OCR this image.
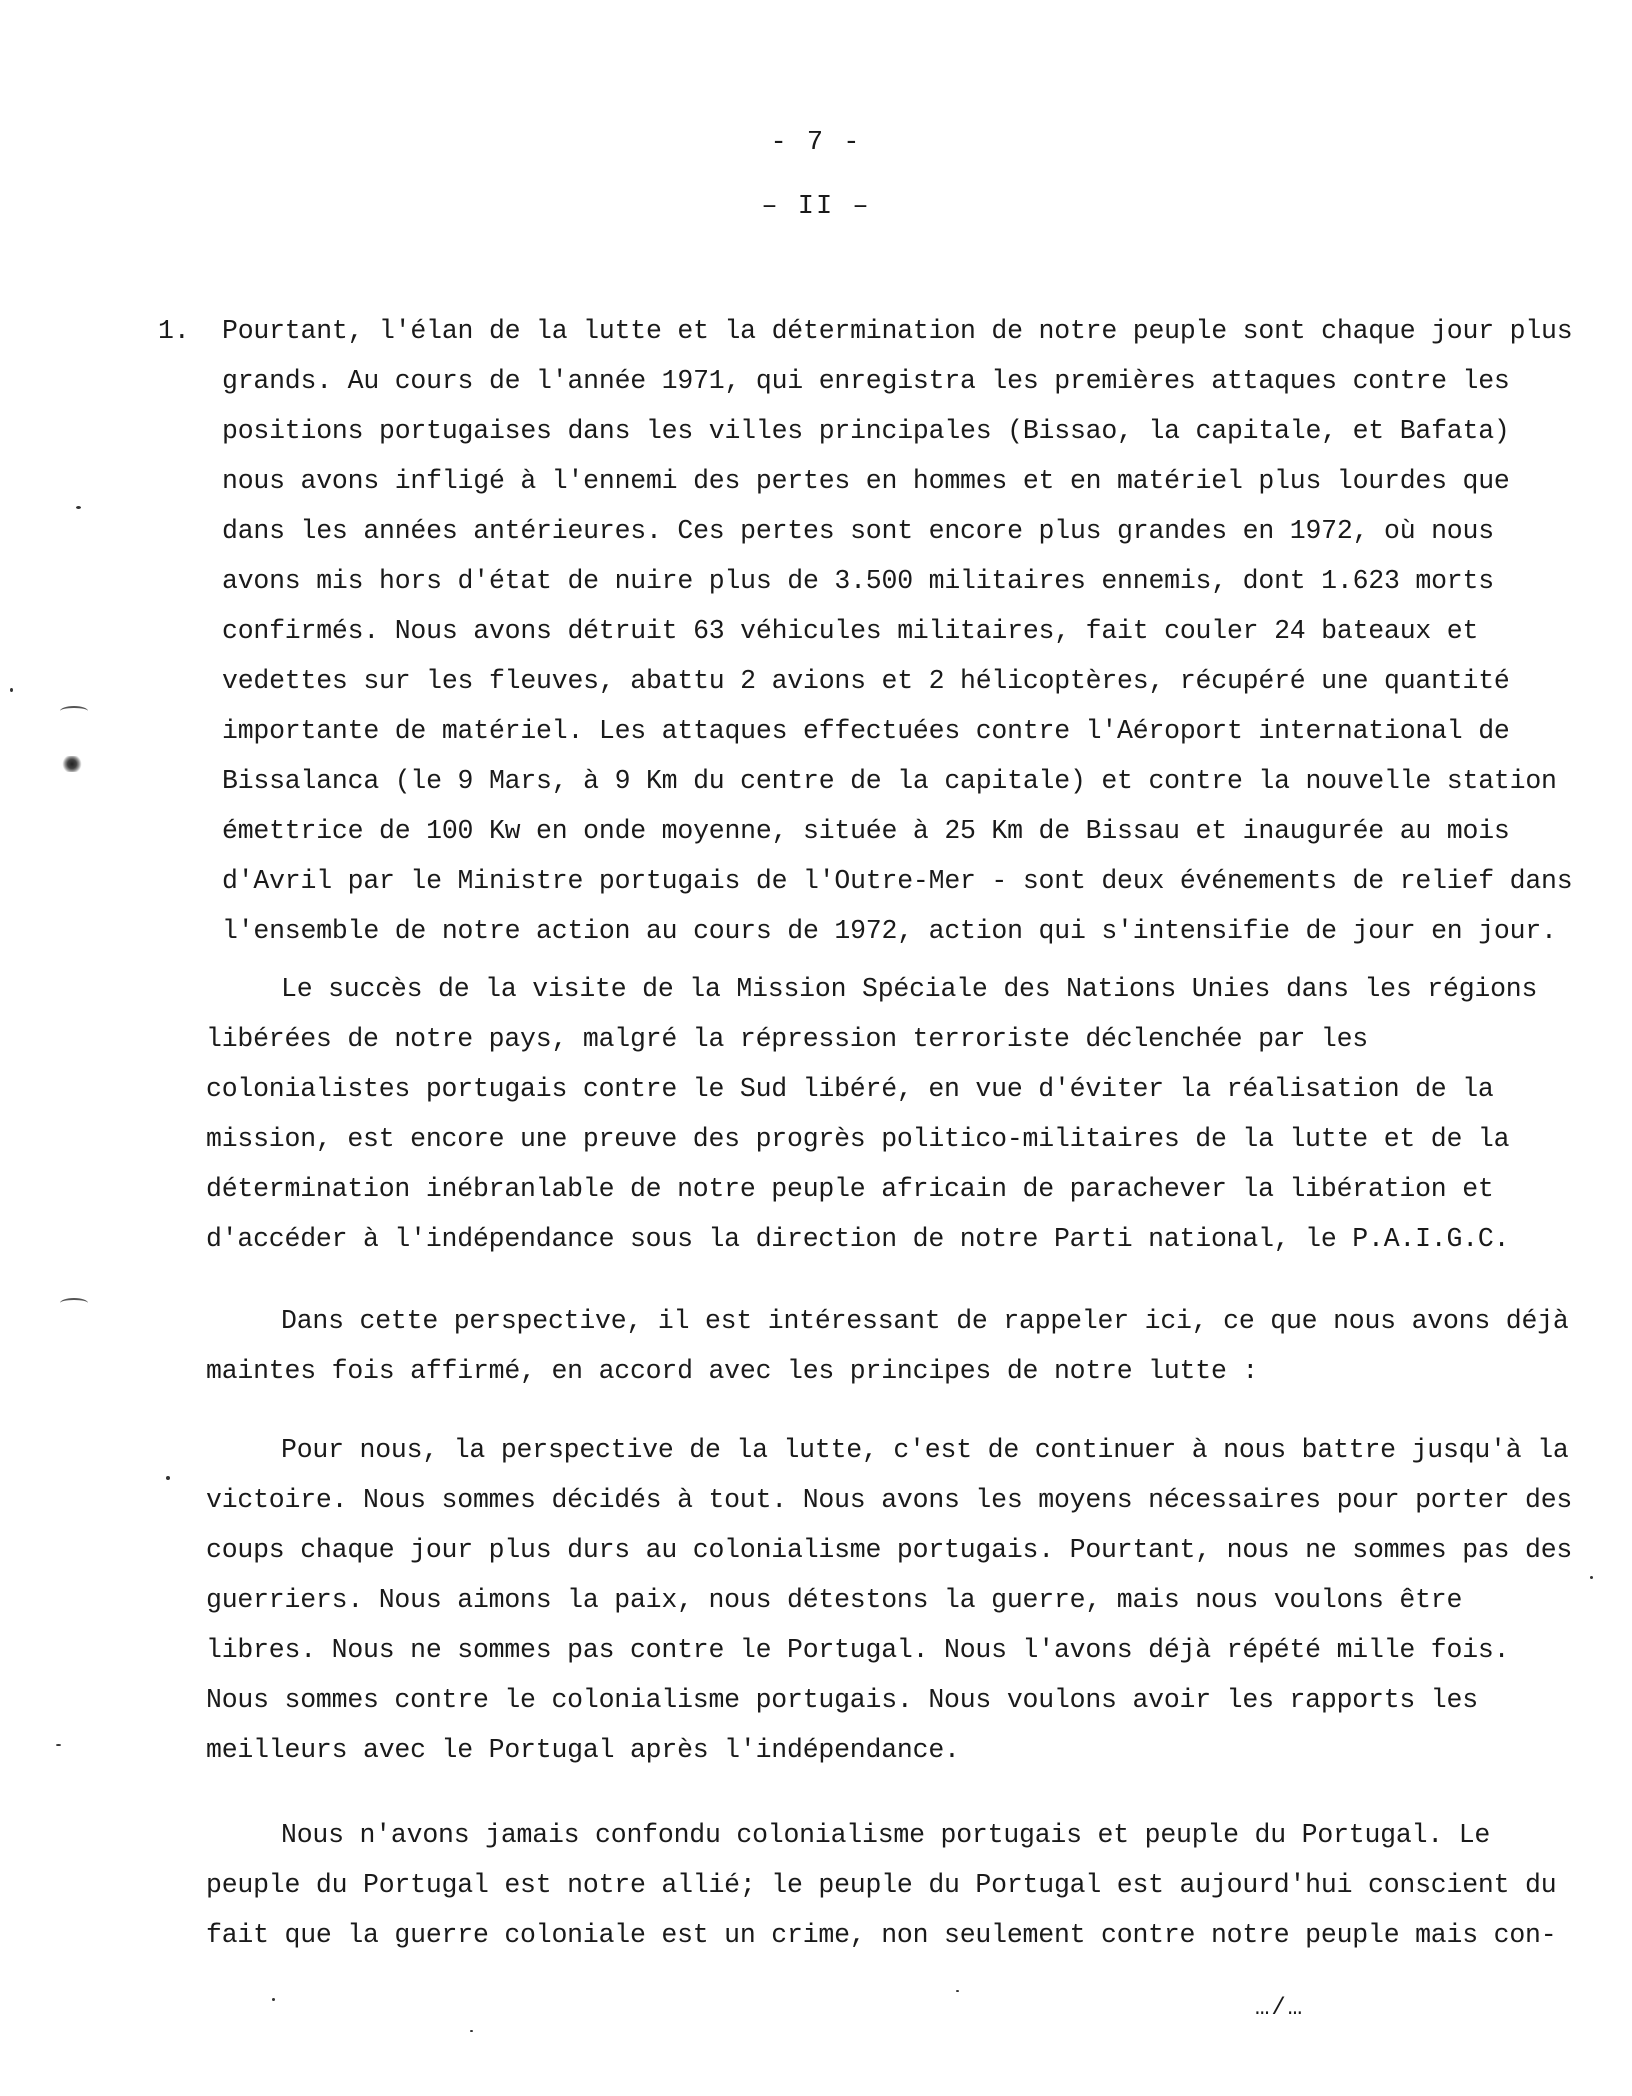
- 7 -
– II –
1. Pourtant, l'élan de la lutte et la détermination de notre peuple sont chaque jour plus grands. Au cours de l'année 1971, qui enregistra les premières attaques contre les positions portugaises dans les villes principales (Bissao, la capitale, et Bafata) nous avons infligé à l'ennemi des pertes en hommes et en matériel plus lourdes que dans les années antérieures. Ces pertes sont encore plus grandes en 1972, où nous avons mis hors d'état de nuire plus de 3.500 militaires ennemis, dont 1.623 morts confirmés. Nous avons détruit 63 véhicules militaires, fait couler 24 bateaux et vedettes sur les fleuves, abattu 2 avions et 2 hélicoptères, récupéré une quantité importante de matériel. Les attaques effectuées contre l'Aéroport international de Bissalanca (le 9 Mars, à 9 Km du centre de la capitale) et contre la nouvelle station émettrice de 100 Kw en onde moyenne, située à 25 Km de Bissau et inaugurée au mois d'Avril par le Ministre portugais de l'Outre-Mer - sont deux événements de relief dans l'ensemble de notre action au cours de 1972, action qui s'intensifie de jour en jour.

Le succès de la visite de la Mission Spéciale des Nations Unies dans les régions libérées de notre pays, malgré la répression terroriste déclenchée par les colonialistes portugais contre le Sud libéré, en vue d'éviter la réalisation de la mission, est encore une preuve des progrès politico-militaires de la lutte et de la détermination inébranlable de notre peuple africain de parachever la libération et d'accéder à l'indépendance sous la direction de notre Parti national, le P.A.I.G.C.

Dans cette perspective, il est intéressant de rappeler ici, ce que nous avons déjà maintes fois affirmé, en accord avec les principes de notre lutte :

Pour nous, la perspective de la lutte, c'est de continuer à nous battre jusqu'à la victoire. Nous sommes décidés à tout. Nous avons les moyens nécessaires pour porter des coups chaque jour plus durs au colonialisme portugais. Pourtant, nous ne sommes pas des guerriers. Nous aimons la paix, nous détestons la guerre, mais nous voulons être libres. Nous ne sommes pas contre le Portugal. Nous l'avons déjà répété mille fois. Nous sommes contre le colonialisme portugais. Nous voulons avoir les rapports les meilleurs avec le Portugal après l'indépendance.

Nous n'avons jamais confondu colonialisme portugais et peuple du Portugal. Le peuple du Portugal est notre allié; le peuple du Portugal est aujourd'hui conscient du fait que la guerre coloniale est un crime, non seulement contre notre peuple mais con-

…/…
